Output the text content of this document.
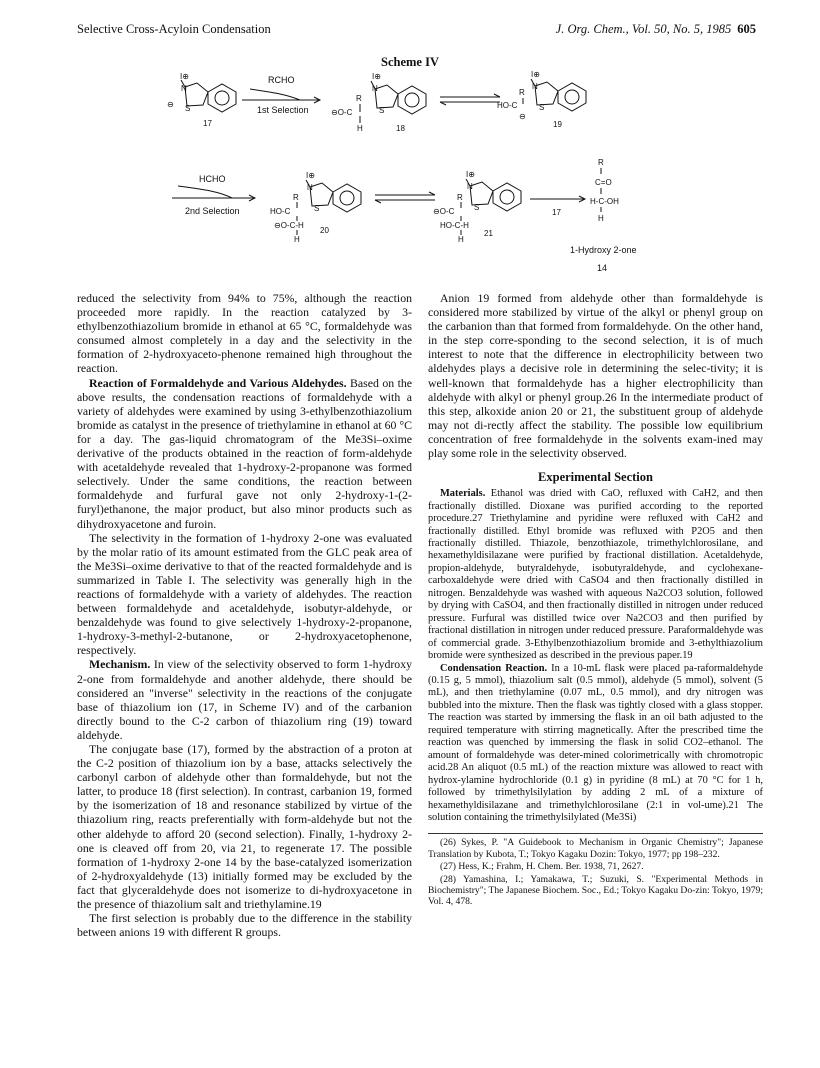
Selective Cross-Acyloin Condensation	J. Org. Chem., Vol. 50, No. 5, 1985 605
Scheme IV
I⊕
N
S
⊖
17
RCHO
1st Selection
I⊕
N
S
R
⊖O-C
H	18
I⊕
N
S
R
HO-C
⊖
19
HCHO
2nd Selection
I⊕
N
S
R
HO-C
⊖O-C-H
H
20
I⊕
N
S
R
⊖O-C
HO-C-H
H
21
17
R
C=O
H-C-OH
H
1-Hydroxy 2-one
14

reduced the selectivity from 94% to 75%, although the reaction proceeded more rapidly. In the reaction catalyzed by 3-ethylbenzothiazolium bromide in ethanol at 65 °C, formaldehyde was consumed almost completely in a day and the selectivity in the formation of 2-hydroxyaceto-phenone remained high throughout the reaction.

Reaction of Formaldehyde and Various Aldehydes. Based on the above results, the condensation reactions of formaldehyde with a variety of aldehydes were examined by using 3-ethylbenzothiazolium bromide as catalyst in the presence of triethylamine in ethanol at 60 °C for a day. The gas-liquid chromatogram of the Me3Si–oxime derivative of the products obtained in the reaction of form-aldehyde with acetaldehyde revealed that 1-hydroxy-2-propanone was formed selectively. Under the same conditions, the reaction between formaldehyde and furfural gave not only 2-hydroxy-1-(2-furyl)ethanone, the major product, but also minor products such as dihydroxyacetone and furoin.

The selectivity in the formation of 1-hydroxy 2-one was evaluated by the molar ratio of its amount estimated from the GLC peak area of the Me3Si–oxime derivative to that of the reacted formaldehyde and is summarized in Table I. The selectivity was generally high in the reactions of formaldehyde with a variety of aldehydes. The reaction between formaldehyde and acetaldehyde, isobutyr-aldehyde, or benzaldehyde was found to give selectively 1-hydroxy-2-propanone, 1-hydroxy-3-methyl-2-butanone, or 2-hydroxyacetophenone, respectively.

Mechanism. In view of the selectivity observed to form 1-hydroxy 2-one from formaldehyde and another aldehyde, there should be considered an "inverse" selectivity in the reactions of the conjugate base of thiazolium ion (17, in Scheme IV) and of the carbanion directly bound to the C-2 carbon of thiazolium ring (19) toward aldehyde.

The conjugate base (17), formed by the abstraction of a proton at the C-2 position of thiazolium ion by a base, attacks selectively the carbonyl carbon of aldehyde other than formaldehyde, but not the latter, to produce 18 (first selection). In contrast, carbanion 19, formed by the isomerization of 18 and resonance stabilized by virtue of the thiazolium ring, reacts preferentially with form-aldehyde but not the other aldehyde to afford 20 (second selection). Finally, 1-hydroxy 2-one is cleaved off from 20, via 21, to regenerate 17. The possible formation of 1-hydroxy 2-one 14 by the base-catalyzed isomerization of 2-hydroxyaldehyde (13) initially formed may be excluded by the fact that glyceraldehyde does not isomerize to di-hydroxyacetone in the presence of thiazolium salt and triethylamine.19

The first selection is probably due to the difference in the stability between anions 19 with different R groups.

Anion 19 formed from aldehyde other than formaldehyde is considered more stabilized by virtue of the alkyl or phenyl group on the carbanion than that formed from formaldehyde. On the other hand, in the step corre-sponding to the second selection, it is of much interest to note that the difference in electrophilicity between two aldehydes plays a decisive role in determining the selec-tivity; it is well-known that formaldehyde has a higher electrophilicity than aldehyde with alkyl or phenyl group.26 In the intermediate product of this step, alkoxide anion 20 or 21, the substituent group of aldehyde may not di-rectly affect the stability. The possible low equilibrium concentration of free formaldehyde in the solvents exam-ined may play some role in the selectivity observed.

Experimental Section

Materials. Ethanol was dried with CaO, refluxed with CaH2, and then fractionally distilled. Dioxane was purified according to the reported procedure.27 Triethylamine and pyridine were refluxed with CaH2 and fractionally distilled. Ethyl bromide was refluxed with P2O5 and then fractionally distilled. Thiazole, benzothiazole, trimethylchlorosilane, and hexamethyldisilazane were purified by fractional distillation. Acetaldehyde, propion-aldehyde, butyraldehyde, isobutyraldehyde, and cyclohexane-carboxaldehyde were dried with CaSO4 and then fractionally distilled in nitrogen. Benzaldehyde was washed with aqueous Na2CO3 solution, followed by drying with CaSO4, and then fractionally distilled in nitrogen under reduced pressure. Furfural was distilled twice over Na2CO3 and then purified by fractional distillation in nitrogen under reduced pressure. Paraformaldehyde was of commercial grade. 3-Ethylbenzothiazolium bromide and 3-ethylthiazolium bromide were synthesized as described in the previous paper.19

Condensation Reaction. In a 10-mL flask were placed pa-raformaldehyde (0.15 g, 5 mmol), thiazolium salt (0.5 mmol), aldehyde (5 mmol), solvent (5 mL), and then triethylamine (0.07 mL, 0.5 mmol), and dry nitrogen was bubbled into the mixture. Then the flask was tightly closed with a glass stopper. The reaction was started by immersing the flask in an oil bath adjusted to the required temperature with stirring magnetically. After the prescribed time the reaction was quenched by immersing the flask in solid CO2–ethanol. The amount of formaldehyde was deter-mined colorimetrically with chromotropic acid.28 An aliquot (0.5 mL) of the reaction mixture was allowed to react with hydrox-ylamine hydrochloride (0.1 g) in pyridine (8 mL) at 70 °C for 1 h, followed by trimethylsilylation by adding 2 mL of a mixture of hexamethyldisilazane and trimethylchlorosilane (2:1 in vol-ume).21 The solution containing the trimethylsilylated (Me3Si)

(26) Sykes, P. "A Guidebook to Mechanism in Organic Chemistry"; Japanese Translation by Kubota, T.; Tokyo Kagaku Dozin: Tokyo, 1977; pp 198–232.

(27) Hess, K.; Frahm, H. Chem. Ber. 1938, 71, 2627.

(28) Yamashina, I.; Yamakawa, T.; Suzuki, S. "Experimental Methods in Biochemistry"; The Japanese Biochem. Soc., Ed.; Tokyo Kagaku Do-zin: Tokyo, 1979; Vol. 4, 478.
